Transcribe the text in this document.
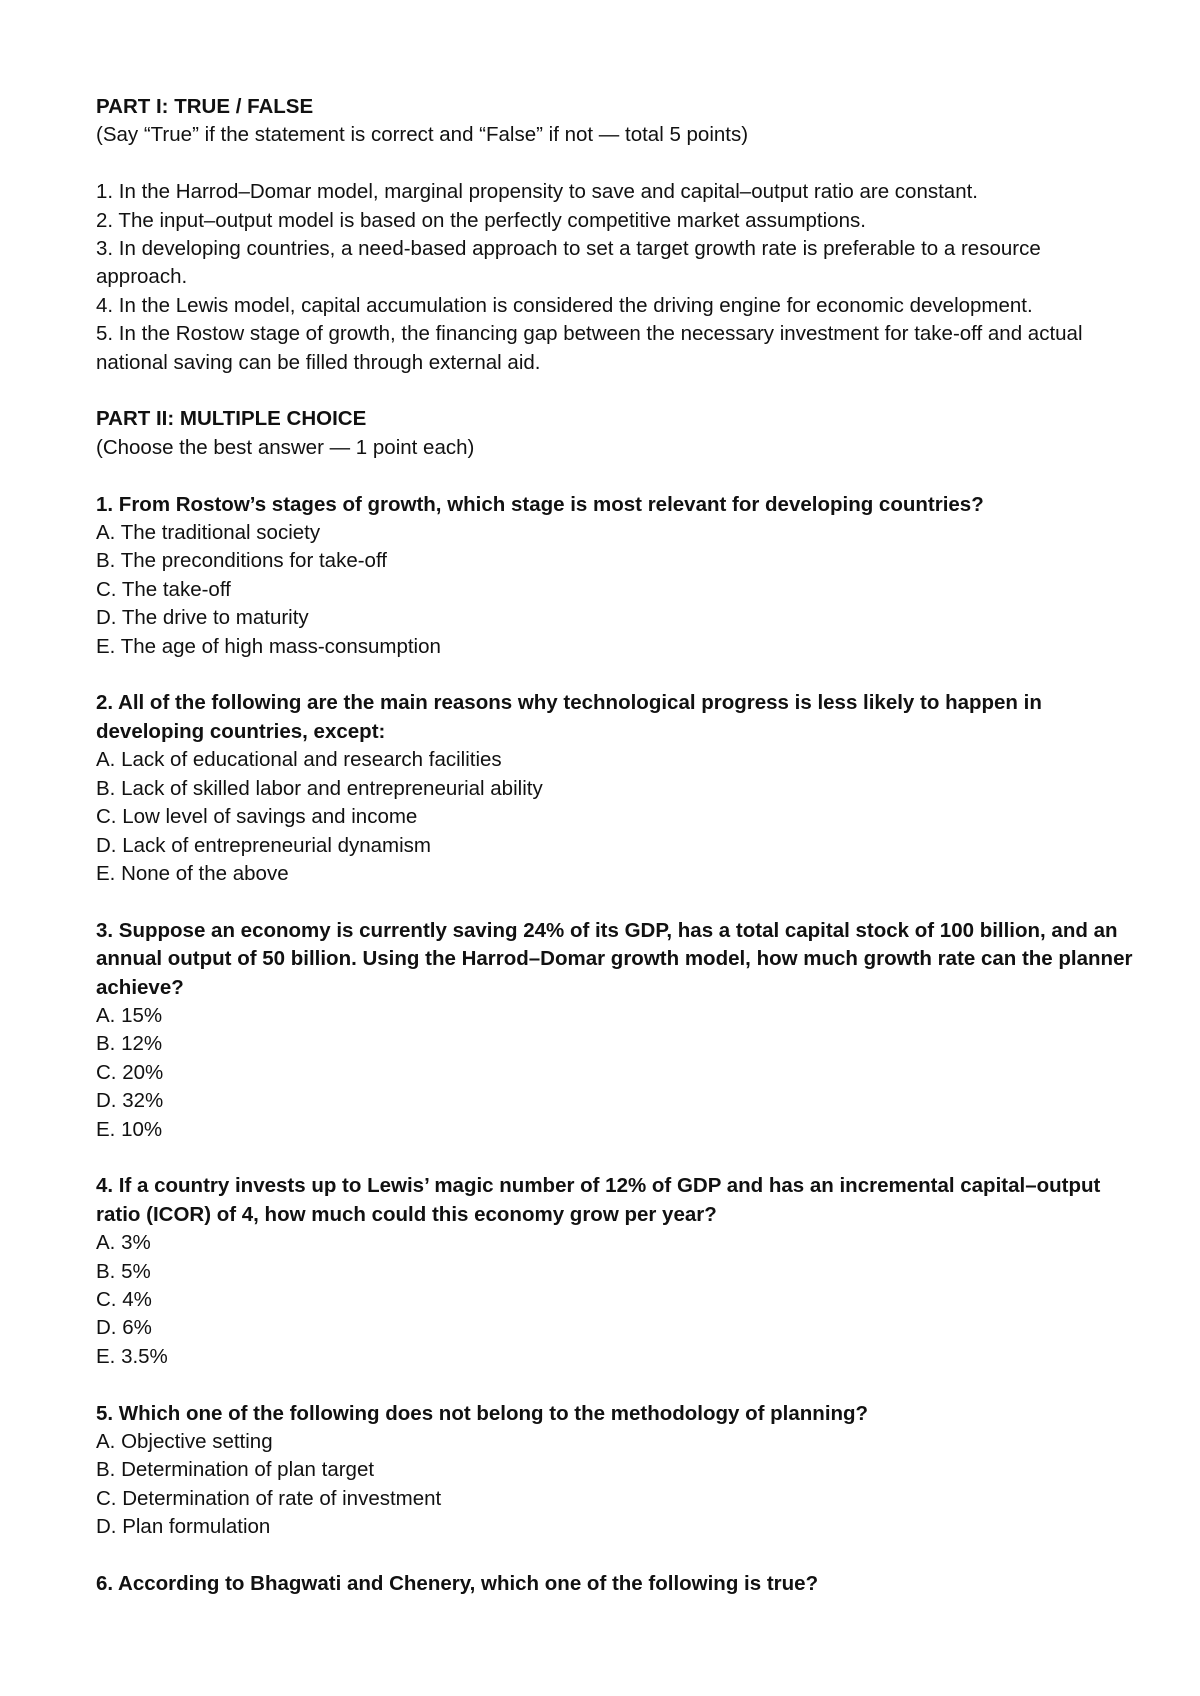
PART I: TRUE / FALSE

(Say “True” if the statement is correct and “False” if not — total 5 points)

1. In the Harrod–Domar model, marginal propensity to save and capital–output ratio are constant.

2. The input–output model is based on the perfectly competitive market assumptions.

3. In developing countries, a need-based approach to set a target growth rate is preferable to a resource approach.

4. In the Lewis model, capital accumulation is considered the driving engine for economic development.

5. In the Rostow stage of growth, the financing gap between the necessary investment for take-off and actual national saving can be filled through external aid.

PART II: MULTIPLE CHOICE

(Choose the best answer — 1 point each)

1. From Rostow’s stages of growth, which stage is most relevant for developing countries?

A. The traditional society

B. The preconditions for take-off

C. The take-off

D. The drive to maturity

E. The age of high mass-consumption

2. All of the following are the main reasons why technological progress is less likely to happen in developing countries, except:

A. Lack of educational and research facilities

B. Lack of skilled labor and entrepreneurial ability

C. Low level of savings and income

D. Lack of entrepreneurial dynamism

E. None of the above

3. Suppose an economy is currently saving 24% of its GDP, has a total capital stock of 100 billion, and an annual output of 50 billion. Using the Harrod–Domar growth model, how much growth rate can the planner achieve?

A. 15%

B. 12%

C. 20%

D. 32%

E. 10%

4. If a country invests up to Lewis’ magic number of 12% of GDP and has an incremental capital–output ratio (ICOR) of 4, how much could this economy grow per year?

A. 3%

B. 5%

C. 4%

D. 6%

E. 3.5%

5. Which one of the following does not belong to the methodology of planning?

A. Objective setting

B. Determination of plan target

C. Determination of rate of investment

D. Plan formulation

6. According to Bhagwati and Chenery, which one of the following is true?
